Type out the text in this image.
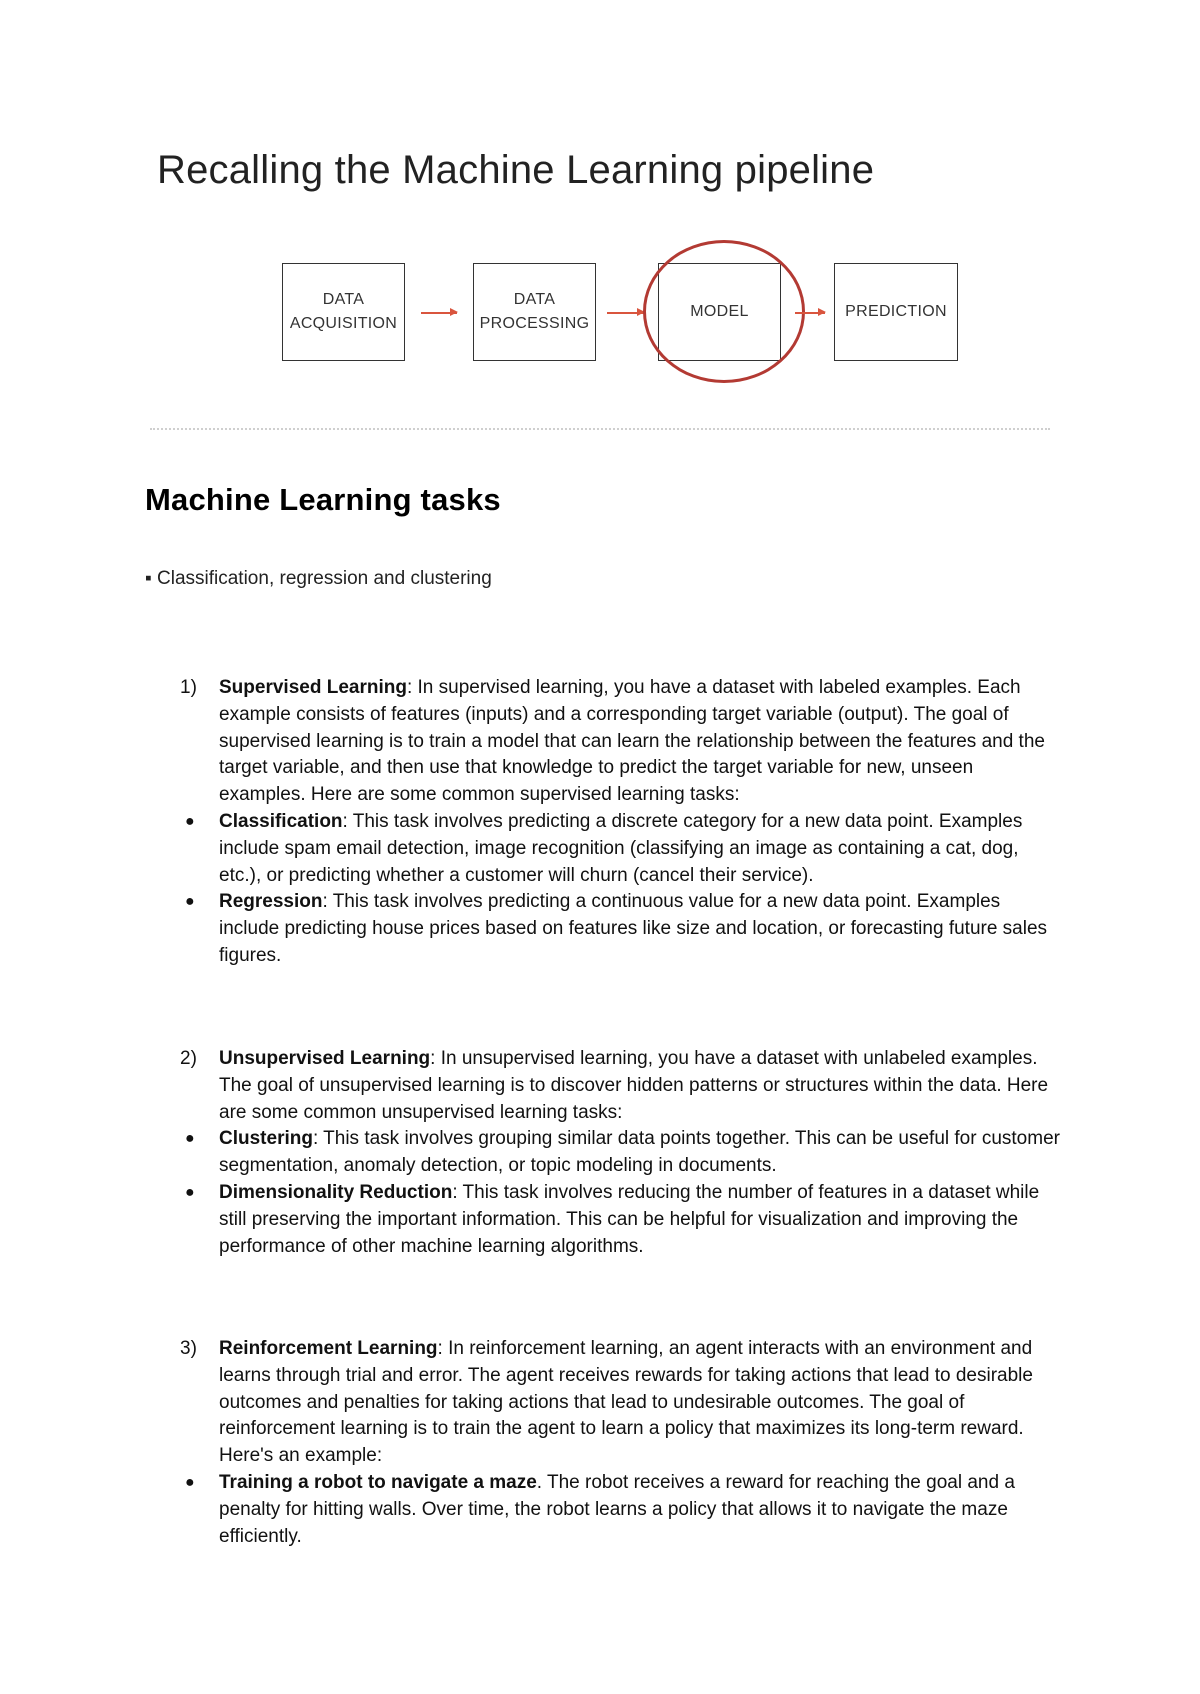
Recalling the Machine Learning pipeline
DATA
ACQUISITION
DATA
PROCESSING
MODEL	PREDICTION
Machine Learning tasks
▪ Classification, regression and clustering
1) Supervised Learning: In supervised learning, you have a dataset with labeled examples. Each example consists of features (inputs) and a corresponding target variable (output). The goal of supervised learning is to train a model that can learn the relationship between the features and the target variable, and then use that knowledge to predict the target variable for new, unseen examples. Here are some common supervised learning tasks:
● Classification: This task involves predicting a discrete category for a new data point. Examples include spam email detection, image recognition (classifying an image as containing a cat, dog, etc.), or predicting whether a customer will churn (cancel their service).
● Regression: This task involves predicting a continuous value for a new data point. Examples include predicting house prices based on features like size and location, or forecasting future sales figures.
2) Unsupervised Learning: In unsupervised learning, you have a dataset with unlabeled examples. The goal of unsupervised learning is to discover hidden patterns or structures within the data. Here are some common unsupervised learning tasks:
● Clustering: This task involves grouping similar data points together. This can be useful for customer segmentation, anomaly detection, or topic modeling in documents.
● Dimensionality Reduction: This task involves reducing the number of features in a dataset while still preserving the important information. This can be helpful for visualization and improving the performance of other machine learning algorithms.
3) Reinforcement Learning: In reinforcement learning, an agent interacts with an environment and learns through trial and error. The agent receives rewards for taking actions that lead to desirable outcomes and penalties for taking actions that lead to undesirable outcomes. The goal of reinforcement learning is to train the agent to learn a policy that maximizes its long-term reward. Here's an example:
● Training a robot to navigate a maze. The robot receives a reward for reaching the goal and a penalty for hitting walls. Over time, the robot learns a policy that allows it to navigate the maze efficiently.
